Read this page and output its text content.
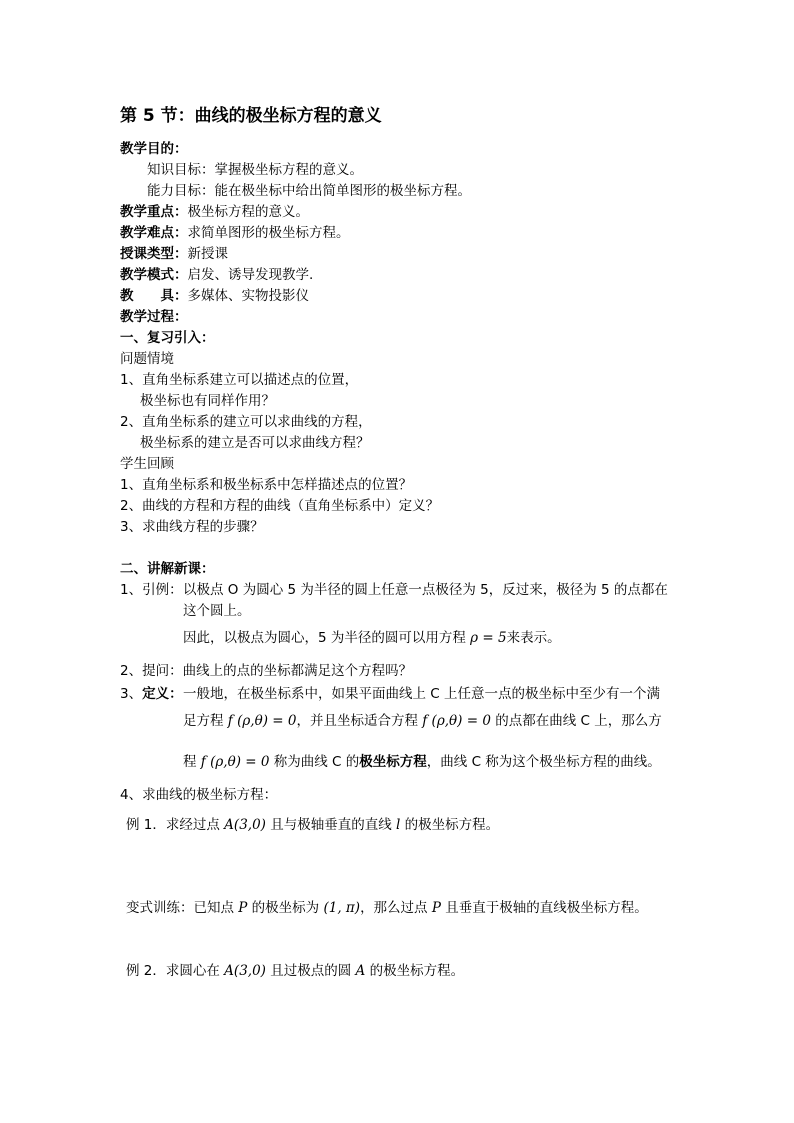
第 5 节：曲线的极坐标方程的意义
教学目的：
知识目标：掌握极坐标方程的意义。
能力目标：能在极坐标中给出简单图形的极坐标方程。
教学重点：极坐标方程的意义。
教学难点：求简单图形的极坐标方程。
授课类型：新授课
教学模式：启发、诱导发现教学.
教　　具：多媒体、实物投影仪
教学过程：
一、复习引入：
问题情境
1、直角坐标系建立可以描述点的位置，
极坐标也有同样作用？
2、直角坐标系的建立可以求曲线的方程，
极坐标系的建立是否可以求曲线方程？
学生回顾
1、直角坐标系和极坐标系中怎样描述点的位置？
2、曲线的方程和方程的曲线（直角坐标系中）定义？
3、求曲线方程的步骤？
二、讲解新课：
1、引例： 以极点 O 为圆心 5 为半径的圆上任意一点极径为 5，反过来，极径为 5 的点都在
这个圆上。
因此，以极点为圆心，5 为半径的圆可以用方程 ρ = 5来表示。
2、提问：曲线上的点的坐标都满足这个方程吗？
3、定义： 一般地，在极坐标系中，如果平面曲线上 C 上任意一点的极坐标中至少有一个满
足方程 f (ρ,θ) = 0，并且坐标适合方程 f (ρ,θ) = 0 的点都在曲线 C 上，那么方
程 f (ρ,θ) = 0 称为曲线 C 的极坐标方程，曲线 C 称为这个极坐标方程的曲线。
4、求曲线的极坐标方程：
例 1．求经过点 A(3,0) 且与极轴垂直的直线 l 的极坐标方程。
变式训练：已知点 P 的极坐标为 (1, π)，那么过点 P 且垂直于极轴的直线极坐标方程。
例 2．求圆心在 A(3,0) 且过极点的圆 A 的极坐标方程。
